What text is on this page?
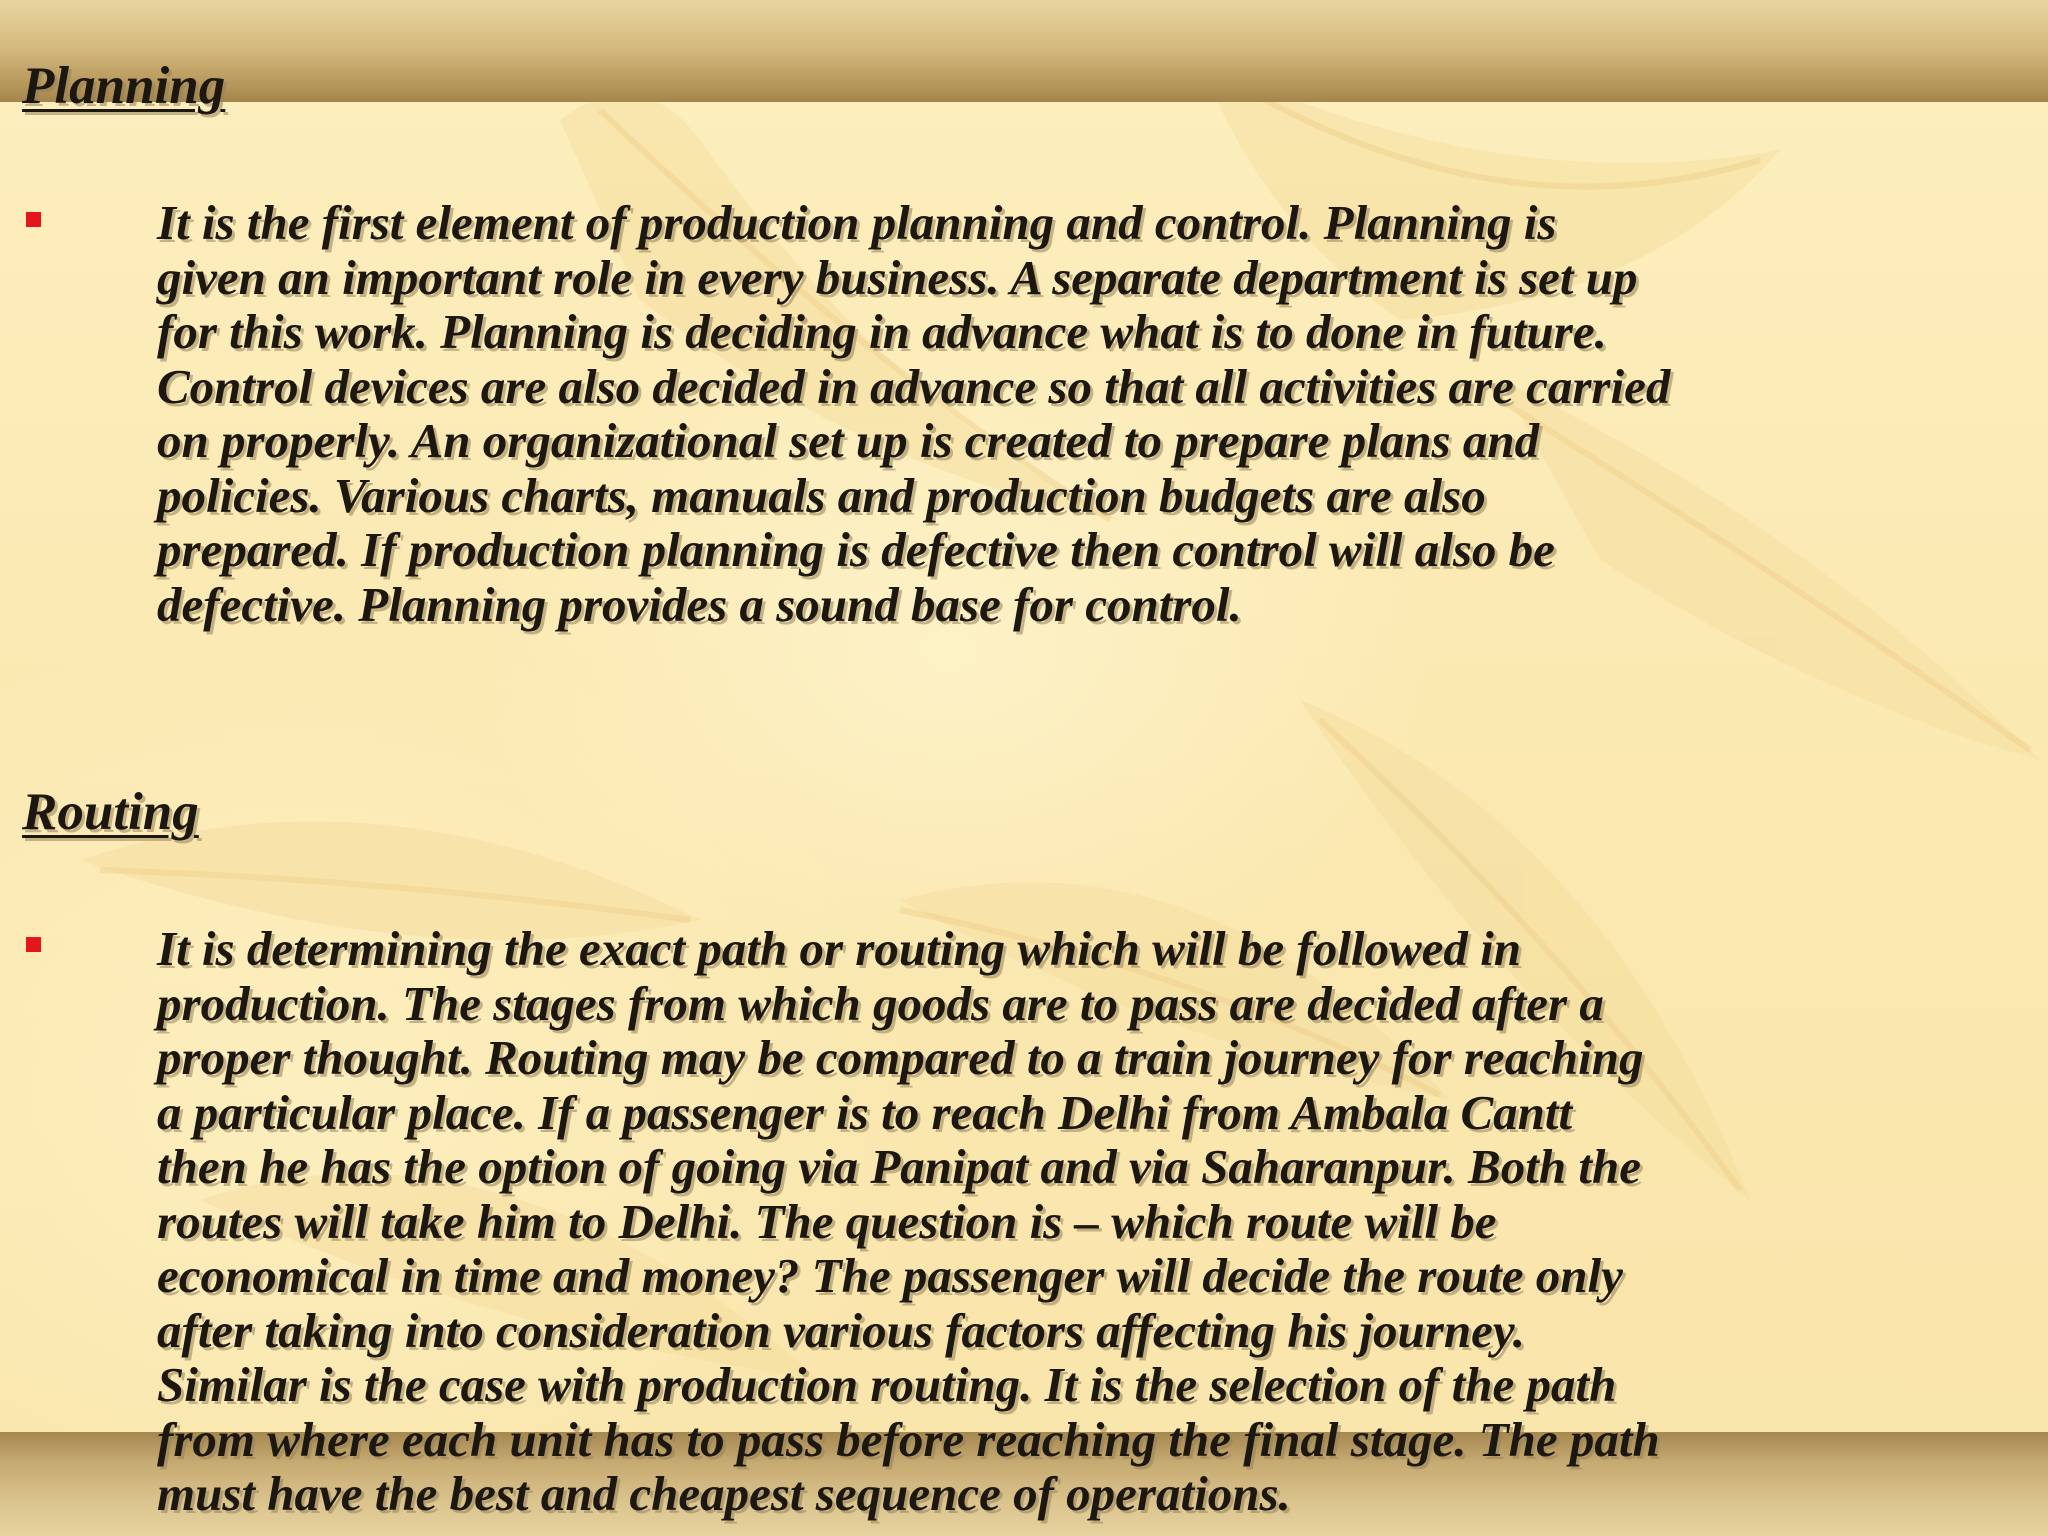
Planning

It is the first element of production planning and control. Planning is
given an important role in every business. A separate department is set up
for this work. Planning is deciding in advance what is to done in future.
Control devices are also decided in advance so that all activities are carried
on properly. An organizational set up is created to prepare plans and
policies. Various charts, manuals and production budgets are also
prepared. If production planning is defective then control will also be
defective. Planning provides a sound base for control.

Routing

It is determining the exact path or routing which will be followed in
production. The stages from which goods are to pass are decided after a
proper thought. Routing may be compared to a train journey for reaching
a particular place. If a passenger is to reach Delhi from Ambala Cantt
then he has the option of going via Panipat and via Saharanpur. Both the
routes will take him to Delhi. The question is – which route will be
economical in time and money? The passenger will decide the route only
after taking into consideration various factors affecting his journey.
Similar is the case with production routing. It is the selection of the path
from where each unit has to pass before reaching the final stage. The path
must have the best and cheapest sequence of operations.
